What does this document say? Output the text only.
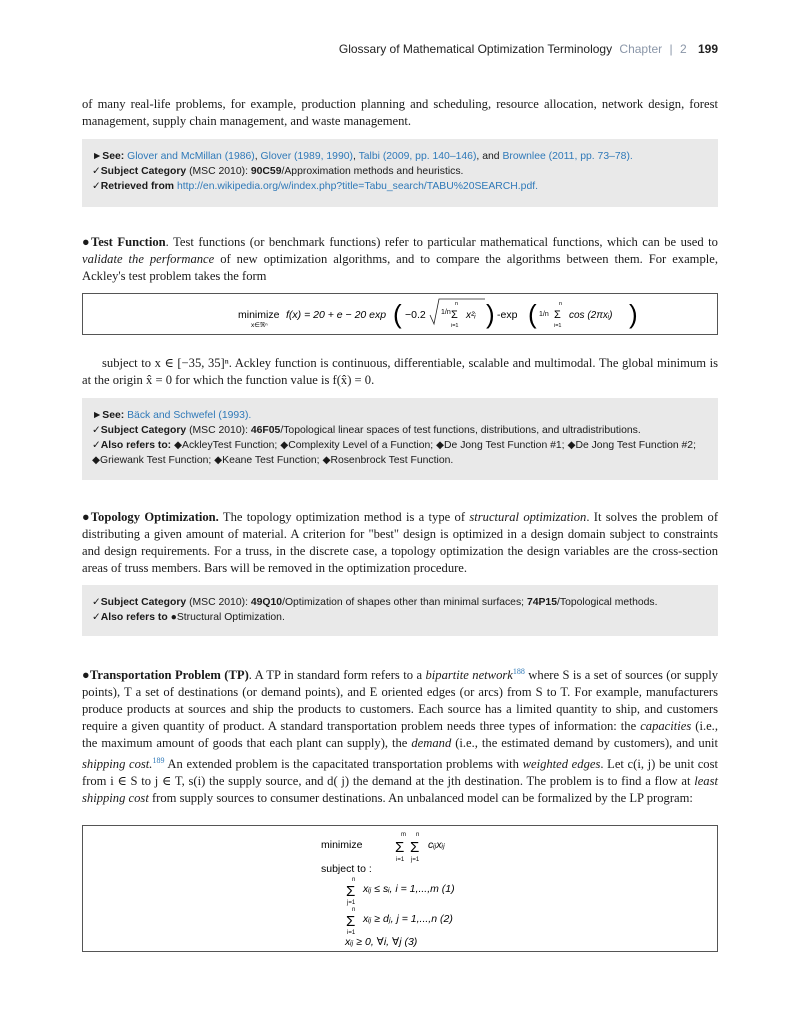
Glossary of Mathematical Optimization Terminology Chapter | 2 199
of many real-life problems, for example, production planning and scheduling, resource allocation, network design, forest management, supply chain management, and waste management.
►See: Glover and McMillan (1986), Glover (1989, 1990), Talbi (2009, pp. 140–146), and Brownlee (2011, pp. 73–78).
✓Subject Category (MSC 2010): 90C59/Approximation methods and heuristics.
✓Retrieved from http://en.wikipedia.org/w/index.php?title=Tabu_search/TABU%20SEARCH.pdf.
●Test Function. Test functions (or benchmark functions) refer to particular mathematical functions, which can be used to validate the performance of new optimization algorithms, and to compare the algorithms between them. For example, Ackley's test problem takes the form
minimize
x∈ℜⁿ
f(x) = 20 + e − 20 exp ( −0.2 1/n
n
Σ
i=1
x²ᵢ ) -exp ( 1/n
n
Σ
i=1
cos (2πxᵢ) )
subject to x ∈ [−35, 35]ⁿ. Ackley function is continuous, differentiable, scalable and multimodal. The global minimum is at the origin x̂ = 0 for which the function value is f(x̂) = 0.
►See: Bäck and Schwefel (1993).
✓Subject Category (MSC 2010): 46F05/Topological linear spaces of test functions, distributions, and ultradistributions.
✓Also refers to: ◆AckleyTest Function; ◆Complexity Level of a Function; ◆De Jong Test Function #1; ◆De Jong Test Function #2;
◆Griewank Test Function; ◆Keane Test Function; ◆Rosenbrock Test Function.
●Topology Optimization. The topology optimization method is a type of structural optimization. It solves the problem of distributing a given amount of material. A criterion for "best" design is optimized in a design domain subject to constraints and design requirements. For a truss, in the discrete case, a topology optimization the design variables are the cross-section areas of truss members. Bars will be removed in the optimization procedure.
✓Subject Category (MSC 2010): 49Q10/Optimization of shapes other than minimal surfaces; 74P15/Topological methods.
✓Also refers to ●Structural Optimization.
●Transportation Problem (TP). A TP in standard form refers to a bipartite network$^{188}$ where S is a set of sources (or supply points), T a set of destinations (or demand points), and E oriented edges (or arcs) from S to T. For example, manufacturers produce products at sources and ship the products to customers. Each source has a limited quantity to ship, and customers require a given quantity of product. A standard transportation problem needs three types of information: the capacities (i.e., the maximum amount of goods that each plant can supply), the demand (i.e., the estimated demand by customers), and unit shipping cost.$^{189}$ An extended problem is the capacitated transportation problems with weighted edges. Let c(i, j) be unit cost from i ∈ S to j ∈ T, s(i) the supply source, and d( j) the demand at the jth destination. The problem is to find a flow at least shipping cost from supply sources to consumer destinations. An unbalanced model can be formalized by the LP program:
minimize
m
Σ
i=1
n
Σ
j=1
cᵢⱼxᵢⱼ
subject to :
n
Σ
j=1
xᵢⱼ ≤ sᵢ, i = 1,...,m (1)
n
Σ
i=1
xᵢⱼ ≥ dⱼ, j = 1,...,n (2)
xᵢⱼ ≥ 0, ∀i, ∀j (3)
